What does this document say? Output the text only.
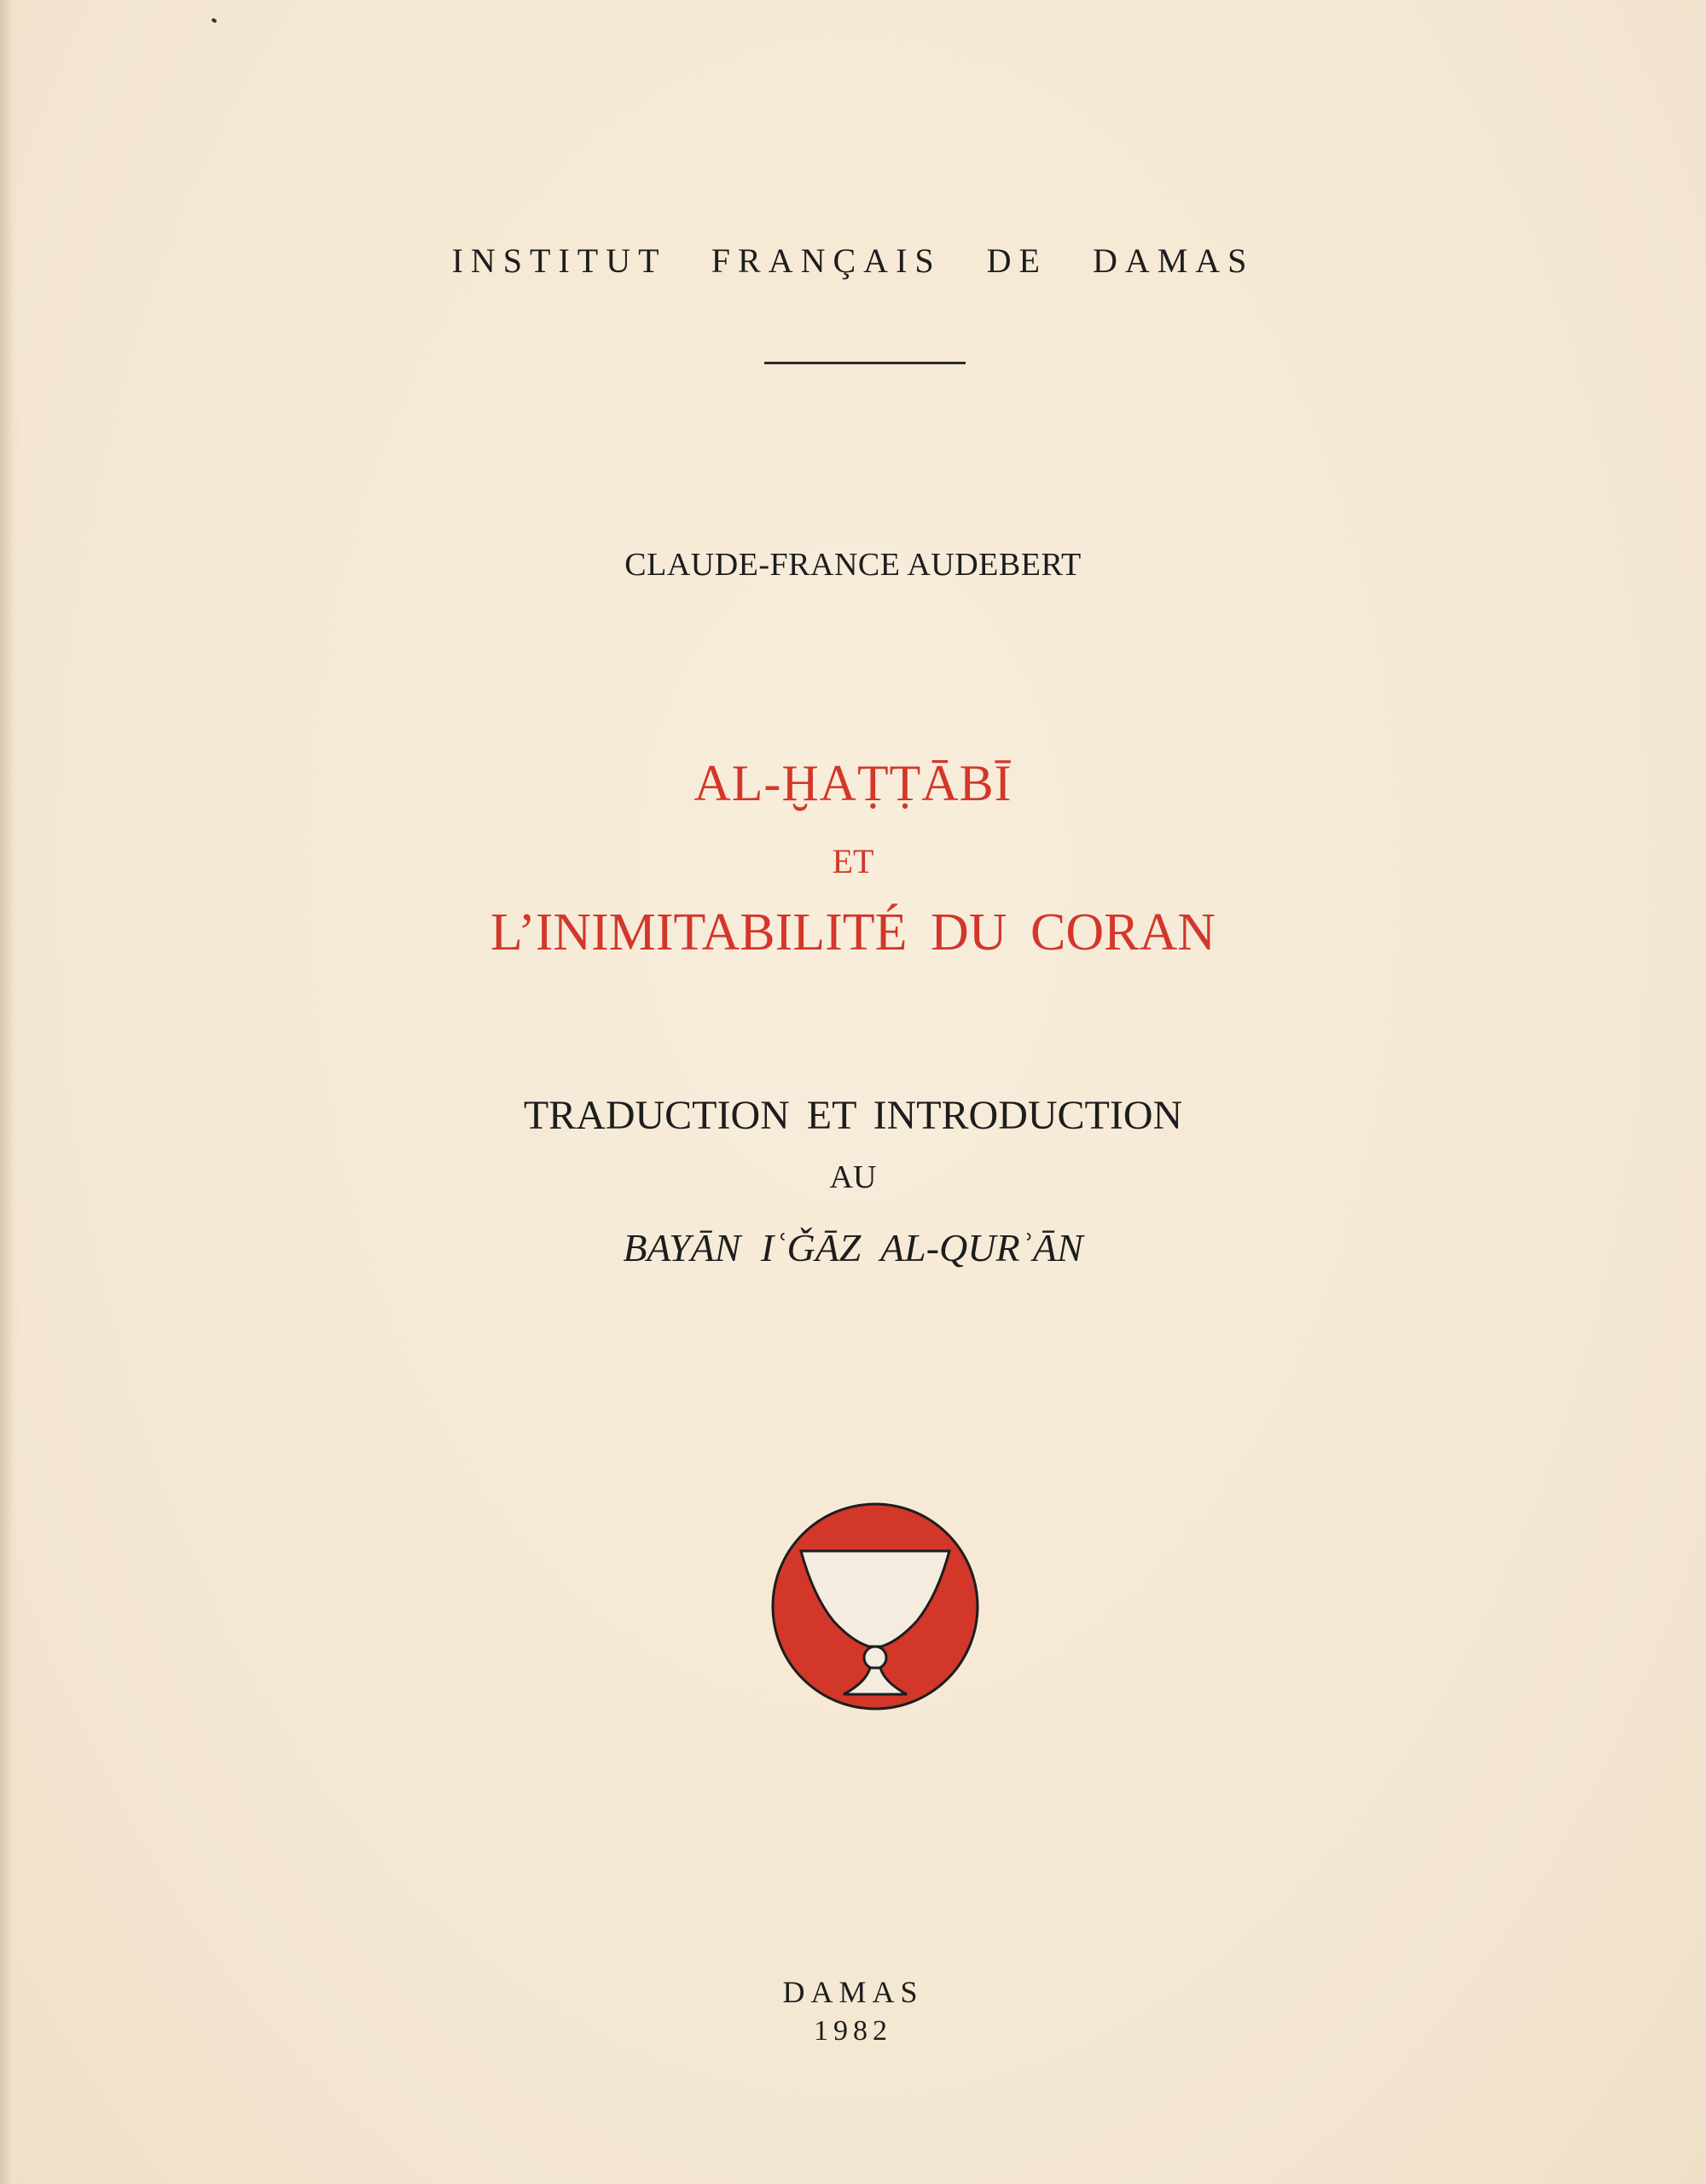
INSTITUT FRANÇAIS DE DAMAS
CLAUDE-FRANCE AUDEBERT
AL-ḪAṬṬĀBĪ
ET
L’INIMITABILITÉ DU CORAN
TRADUCTION ET INTRODUCTION
AU
BAYĀN IʿǦĀZ AL-QURʾĀN
DAMAS
1982
